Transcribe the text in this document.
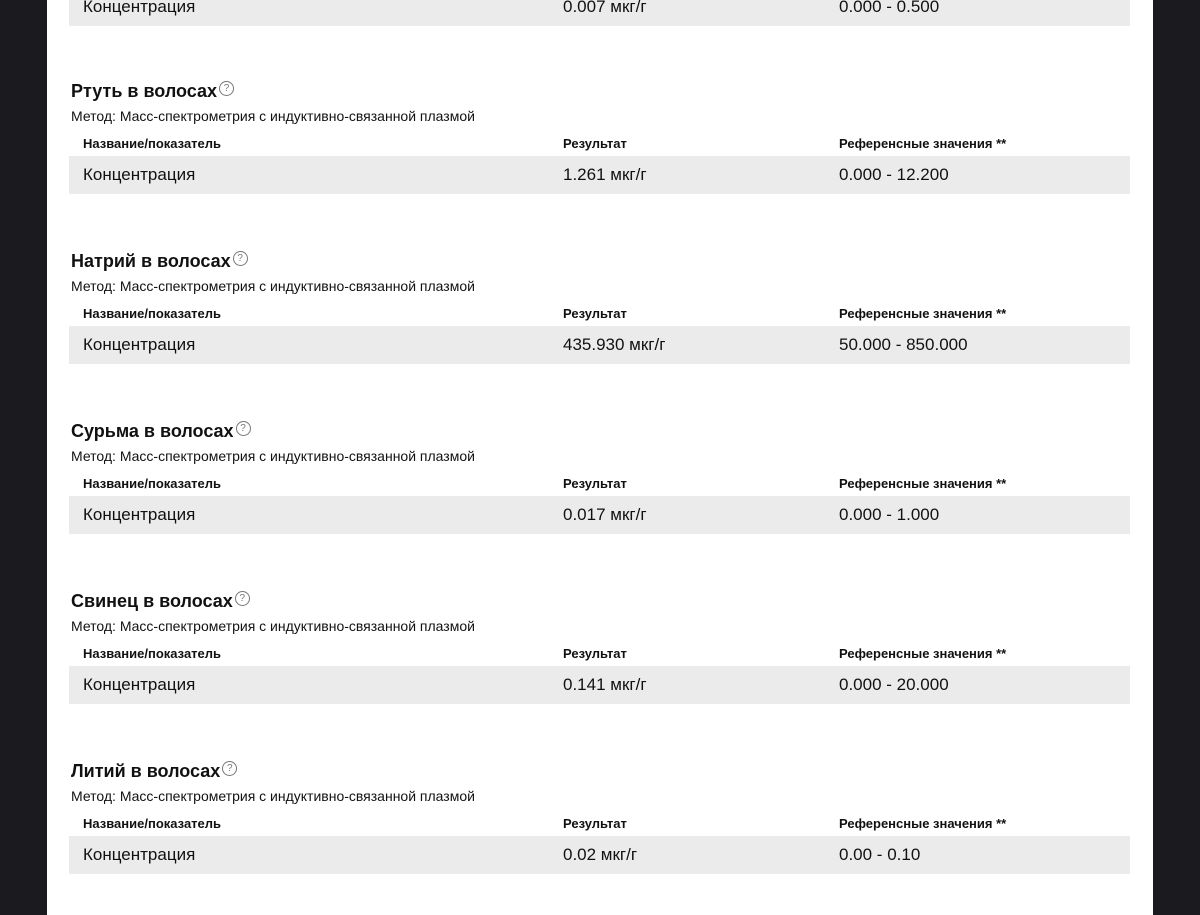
Концентрация	0.007 мкг/г	0.000 - 0.500
Ртуть в волосах ?
Метод: Масс-спектрометрия с индуктивно-связанной плазмой
Название/показатель	Результат	Референсные значения **
Концентрация	1.261 мкг/г	0.000 - 12.200
Натрий в волосах ?
Метод: Масс-спектрометрия с индуктивно-связанной плазмой
Название/показатель	Результат	Референсные значения **
Концентрация	435.930 мкг/г	50.000 - 850.000
Сурьма в волосах ?
Метод: Масс-спектрометрия с индуктивно-связанной плазмой
Название/показатель	Результат	Референсные значения **
Концентрация	0.017 мкг/г	0.000 - 1.000
Свинец в волосах ?
Метод: Масс-спектрометрия с индуктивно-связанной плазмой
Название/показатель	Результат	Референсные значения **
Концентрация	0.141 мкг/г	0.000 - 20.000
Литий в волосах ?
Метод: Масс-спектрометрия с индуктивно-связанной плазмой
Название/показатель	Результат	Референсные значения **
Концентрация	0.02 мкг/г	0.00 - 0.10
